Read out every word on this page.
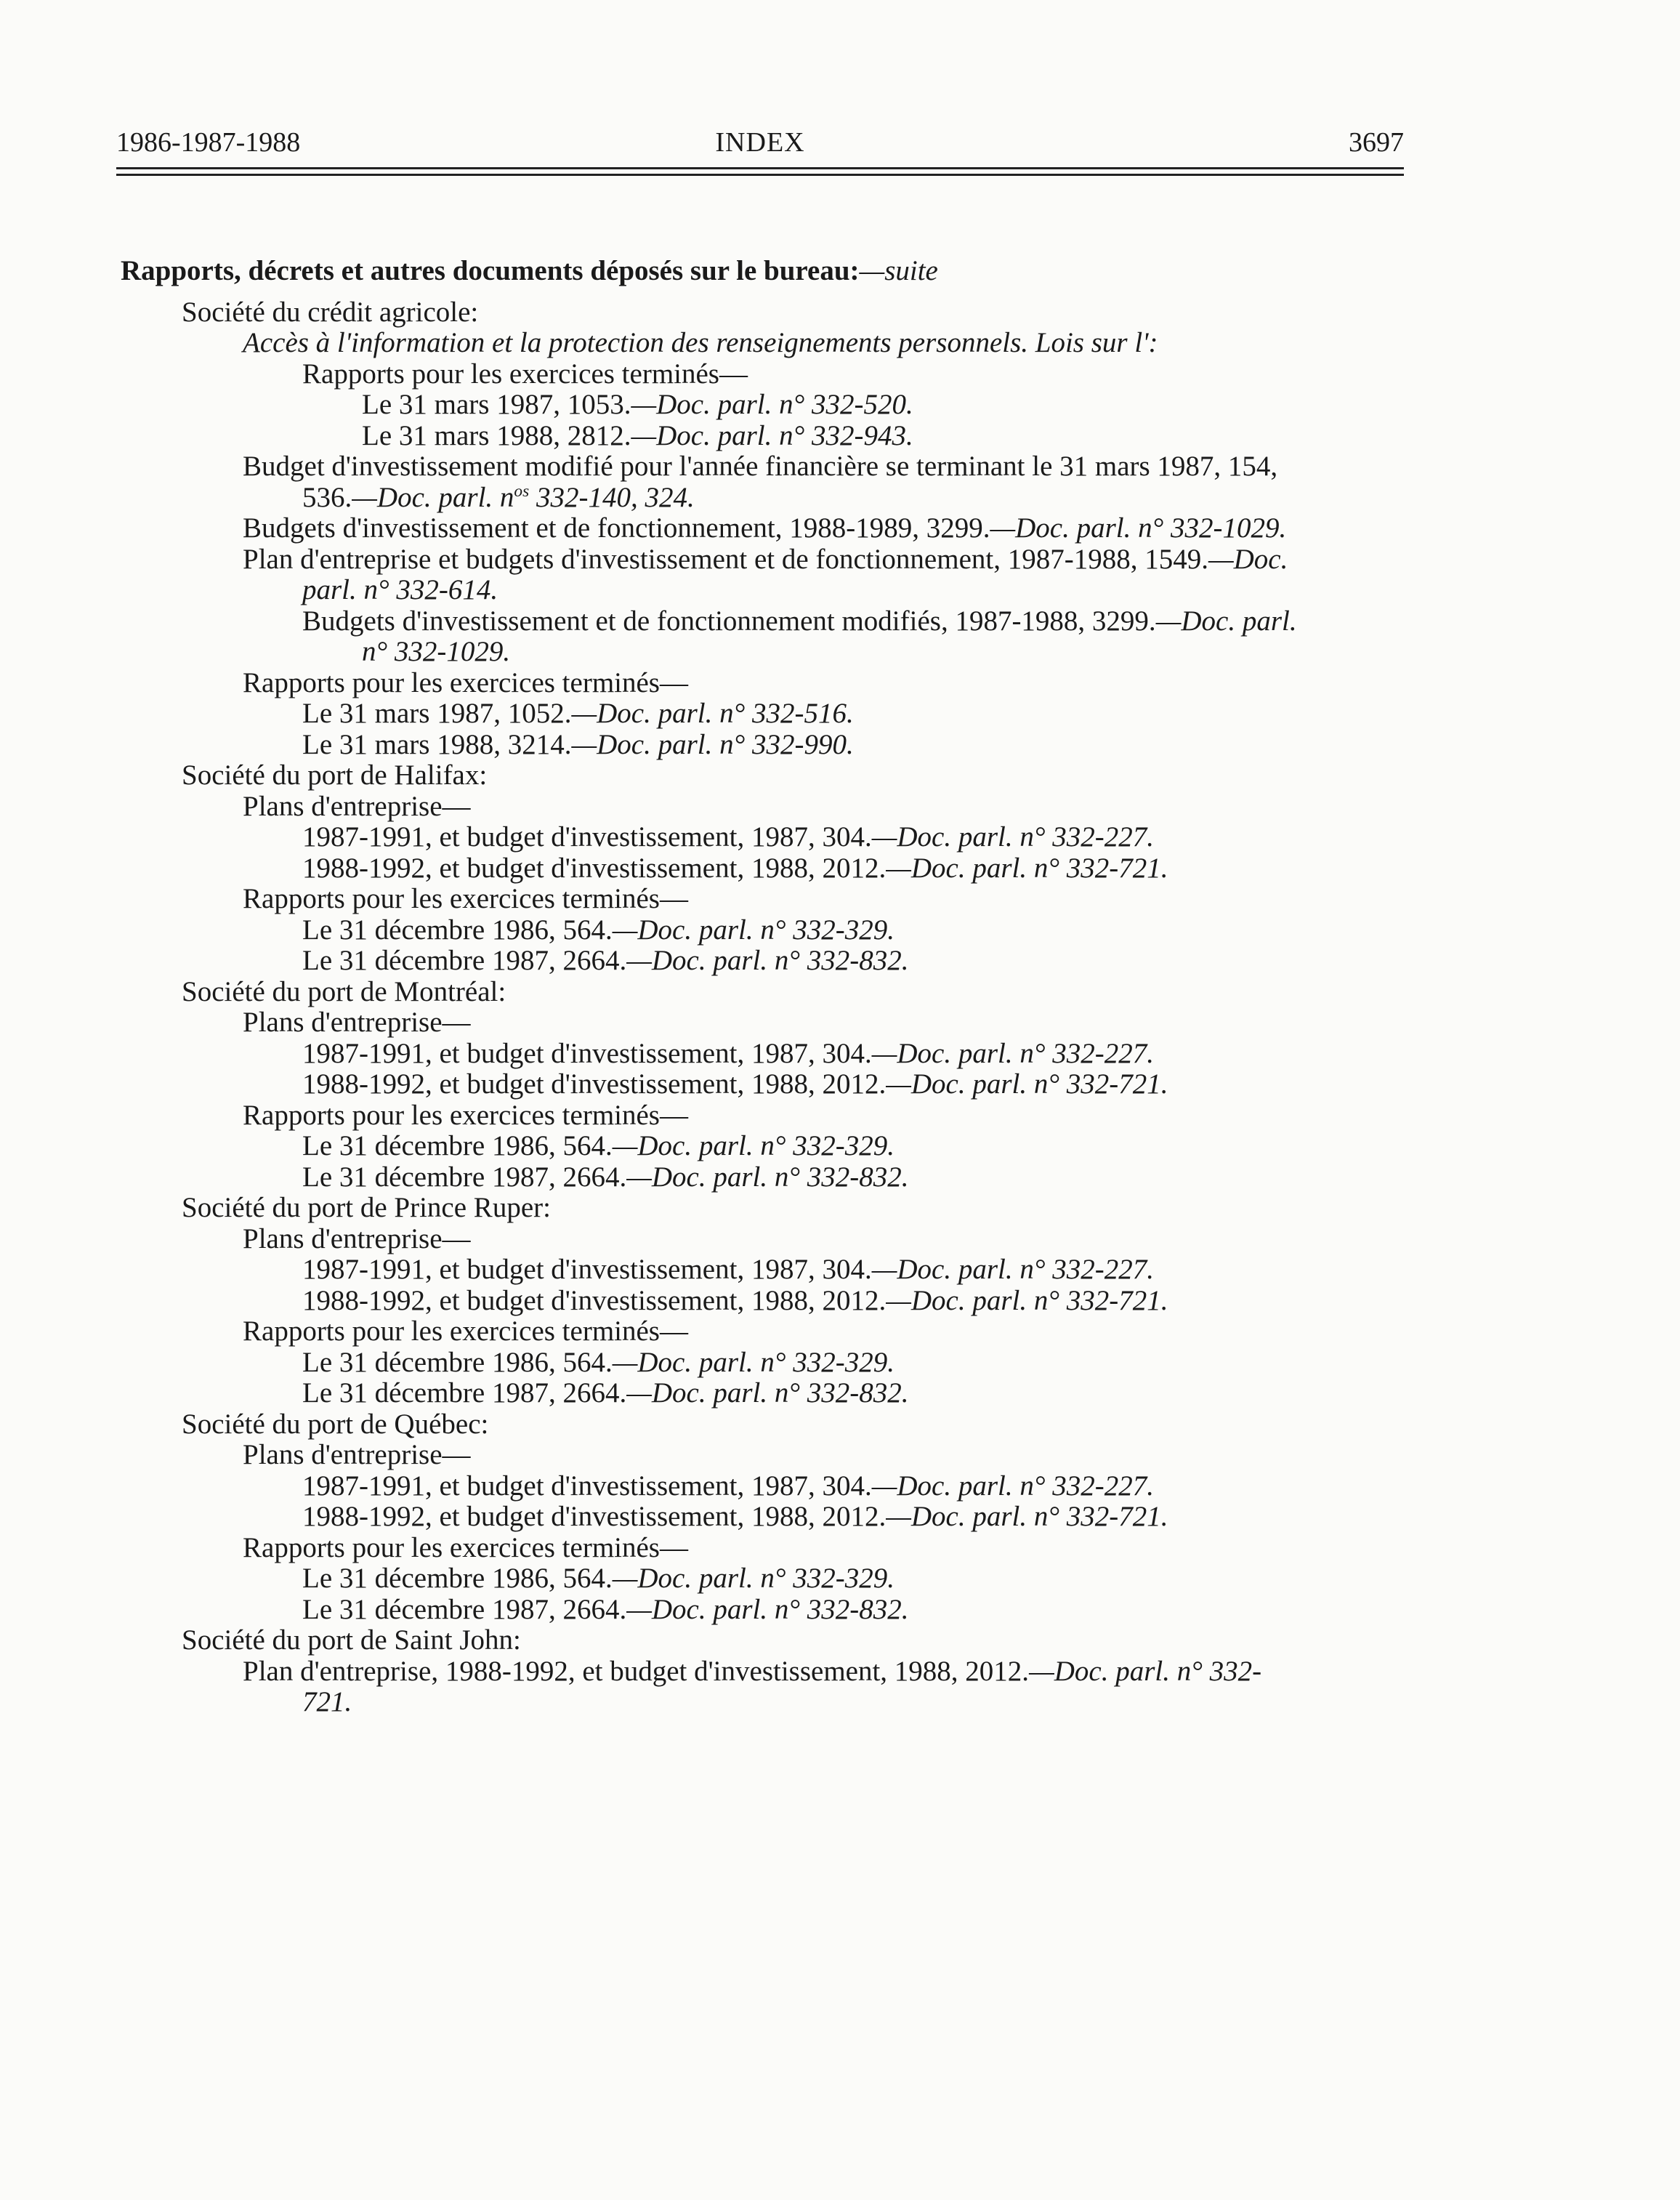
1986-1987-1988	INDEX	3697
Rapports, décrets et autres documents déposés sur le bureau:—suite
Société du crédit agricole:
Accès à l'information et la protection des renseignements personnels. Lois sur l':
Rapports pour les exercices terminés—
Le 31 mars 1987, 1053.—Doc. parl. n° 332-520.
Le 31 mars 1988, 2812.—Doc. parl. n° 332-943.
Budget d'investissement modifié pour l'année financière se terminant le 31 mars 1987, 154,
536.—Doc. parl. $n^{os}$ 332-140, 324.
Budgets d'investissement et de fonctionnement, 1988-1989, 3299.—Doc. parl. n° 332-1029.
Plan d'entreprise et budgets d'investissement et de fonctionnement, 1987-1988, 1549.—Doc.
parl. n° 332-614.
Budgets d'investissement et de fonctionnement modifiés, 1987-1988, 3299.—Doc. parl.
n° 332-1029.
Rapports pour les exercices terminés—
Le 31 mars 1987, 1052.—Doc. parl. n° 332-516.
Le 31 mars 1988, 3214.—Doc. parl. n° 332-990.
Société du port de Halifax:
Plans d'entreprise—
1987-1991, et budget d'investissement, 1987, 304.—Doc. parl. n° 332-227.
1988-1992, et budget d'investissement, 1988, 2012.—Doc. parl. n° 332-721.
Rapports pour les exercices terminés—
Le 31 décembre 1986, 564.—Doc. parl. n° 332-329.
Le 31 décembre 1987, 2664.—Doc. parl. n° 332-832.
Société du port de Montréal:
Plans d'entreprise—
1987-1991, et budget d'investissement, 1987, 304.—Doc. parl. n° 332-227.
1988-1992, et budget d'investissement, 1988, 2012.—Doc. parl. n° 332-721.
Rapports pour les exercices terminés—
Le 31 décembre 1986, 564.—Doc. parl. n° 332-329.
Le 31 décembre 1987, 2664.—Doc. parl. n° 332-832.
Société du port de Prince Ruper:
Plans d'entreprise—
1987-1991, et budget d'investissement, 1987, 304.—Doc. parl. n° 332-227.
1988-1992, et budget d'investissement, 1988, 2012.—Doc. parl. n° 332-721.
Rapports pour les exercices terminés—
Le 31 décembre 1986, 564.—Doc. parl. n° 332-329.
Le 31 décembre 1987, 2664.—Doc. parl. n° 332-832.
Société du port de Québec:
Plans d'entreprise—
1987-1991, et budget d'investissement, 1987, 304.—Doc. parl. n° 332-227.
1988-1992, et budget d'investissement, 1988, 2012.—Doc. parl. n° 332-721.
Rapports pour les exercices terminés—
Le 31 décembre 1986, 564.—Doc. parl. n° 332-329.
Le 31 décembre 1987, 2664.—Doc. parl. n° 332-832.
Société du port de Saint John:
Plan d'entreprise, 1988-1992, et budget d'investissement, 1988, 2012.—Doc. parl. n° 332-
721.
